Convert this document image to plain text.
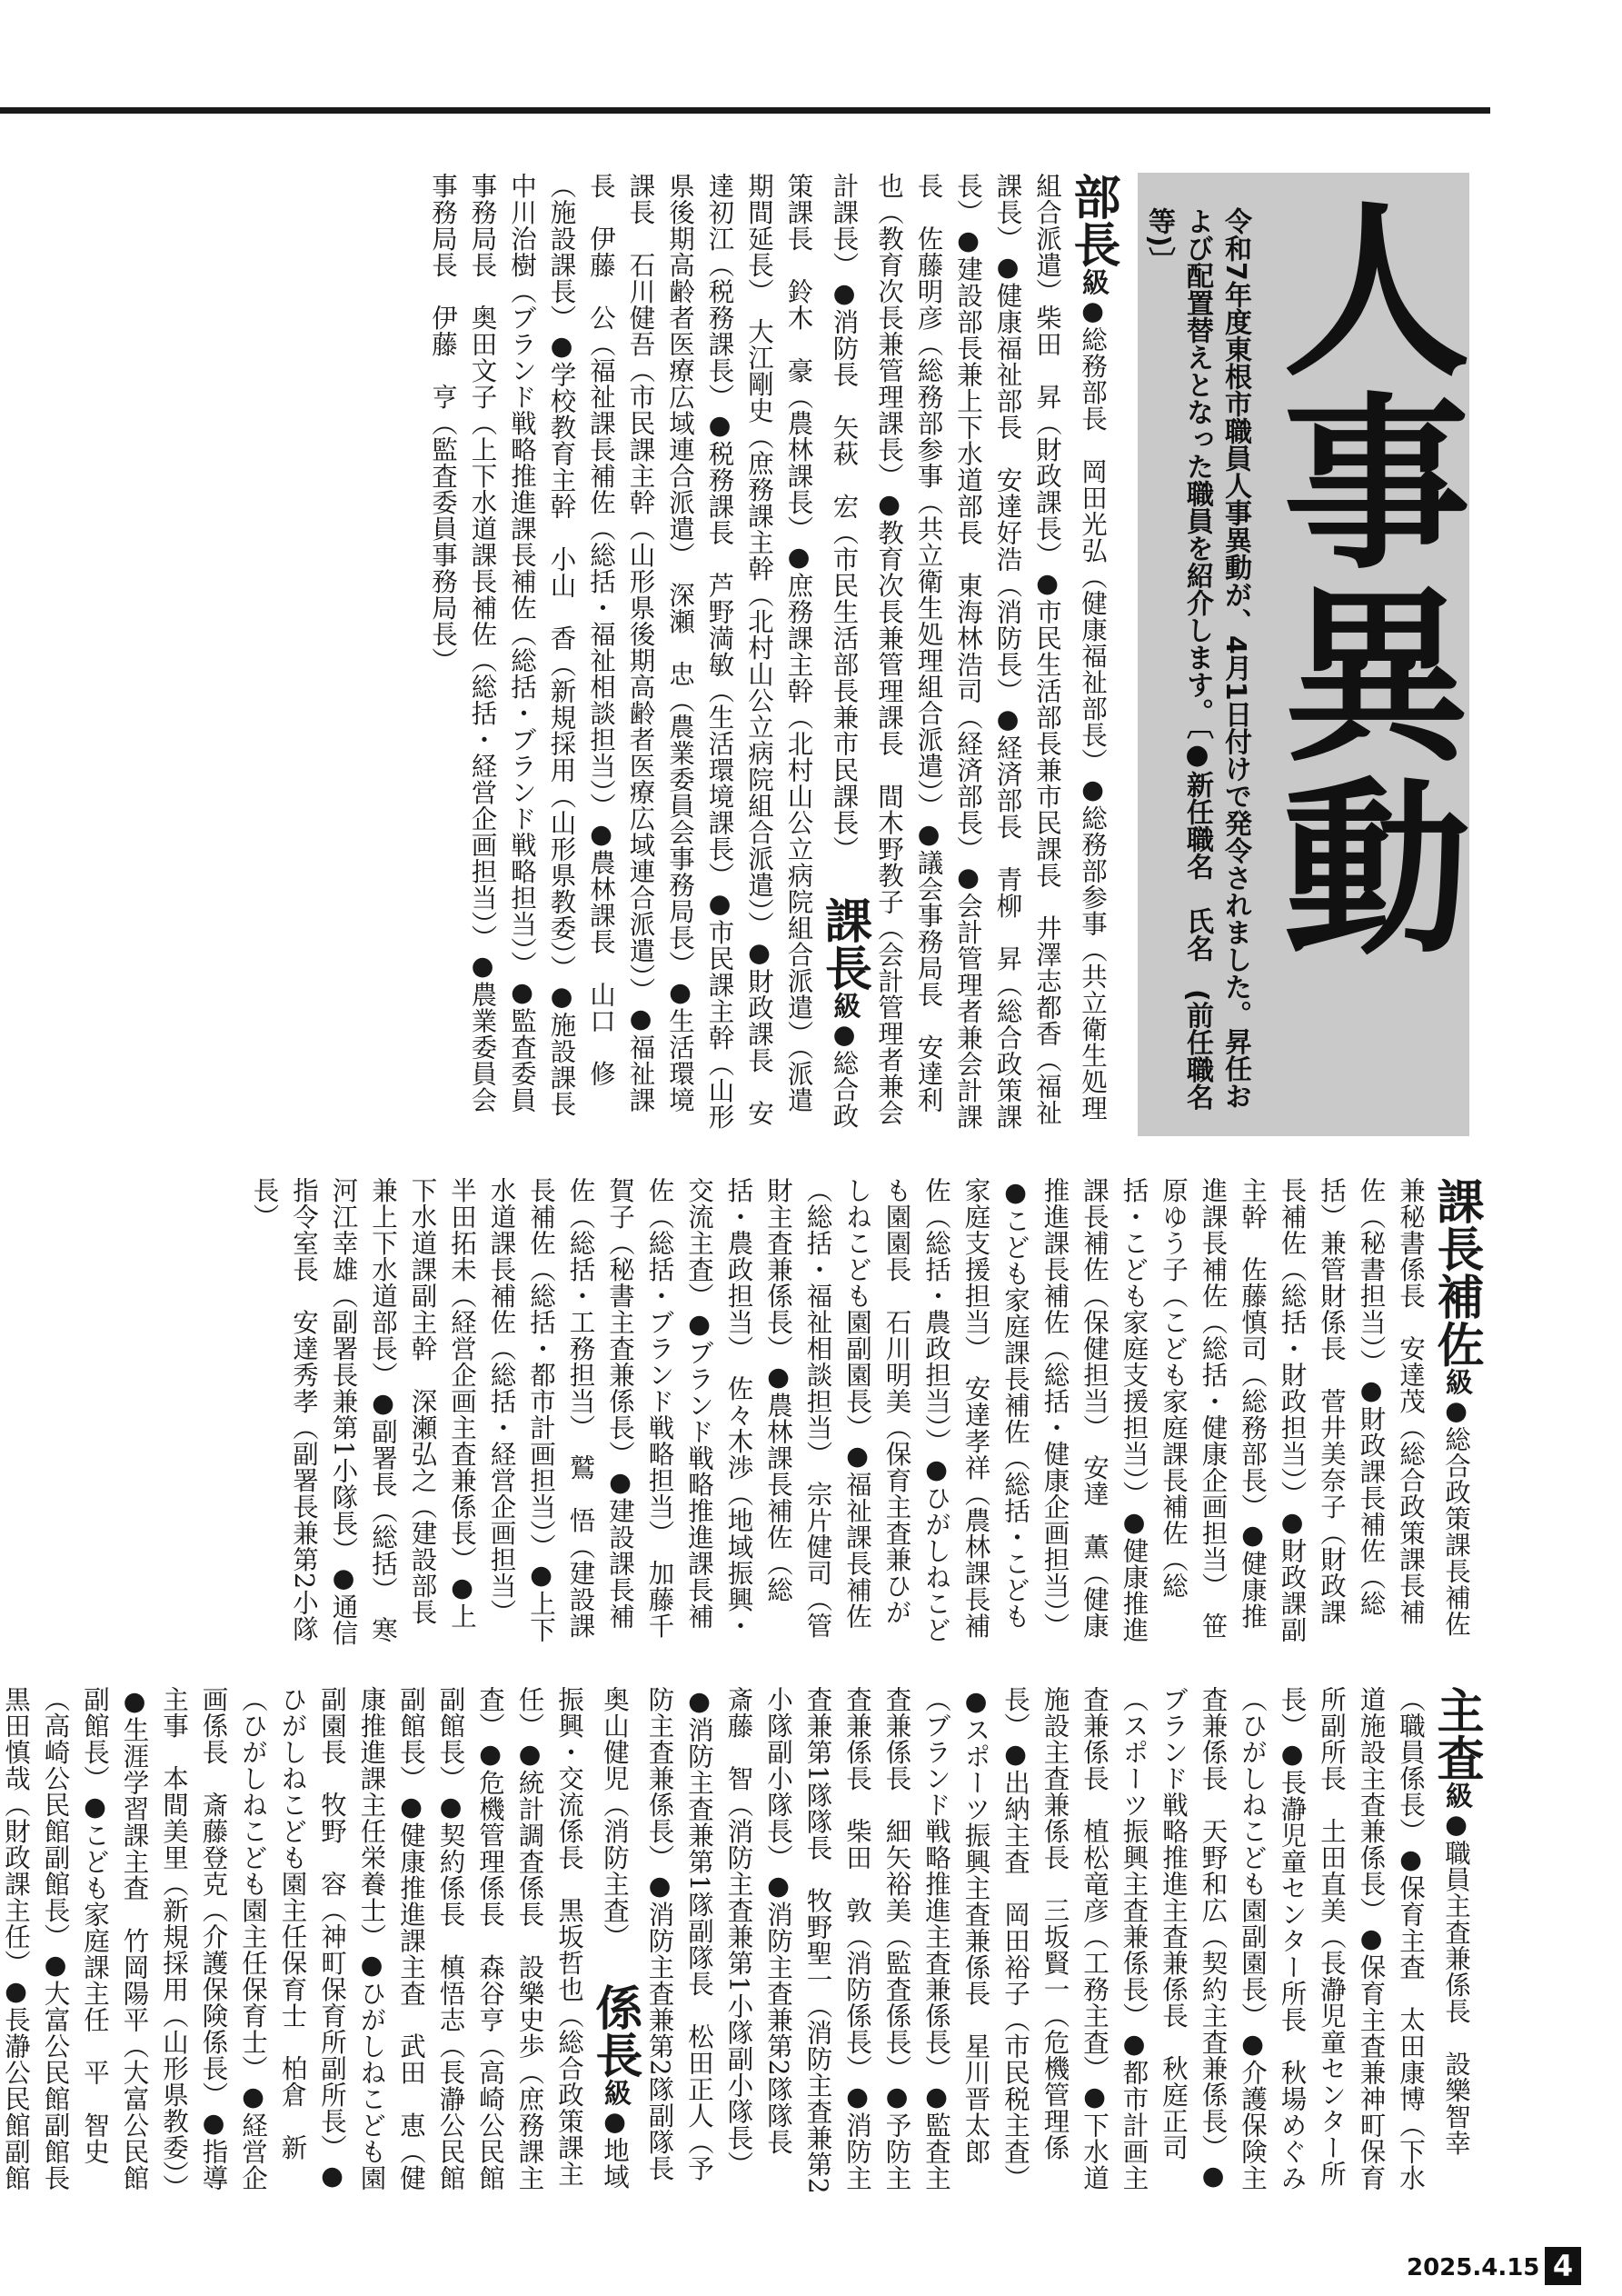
人事異動
令和7年度東根市職員人事異動が、4月1日付けで発令されました。昇任および配置替えとなった職員を紹介します。〔●新任職名　氏名　(前任職名等)〕
部長級●総務部長　岡田光弘（健康福祉部長）●総務部参事（共立衛生処理組合派遣）柴田　昇（財政課長）●市民生活部長兼市民課長　井澤志都香（福祉課長）●健康福祉部長　安達好浩（消防長）●経済部長　青柳　昇（総合政策課長）●建設部長兼上下水道部長　東海林浩司（経済部長）●会計管理者兼会計課長　佐藤明彦（総務部参事（共立衛生処理組合派遣））●議会事務局長　安達利也（教育次長兼管理課長）●教育次長兼管理課長　間木野教子（会計管理者兼会計課長）●消防長　矢萩　宏（市民生活部長兼市民課長）  課長級●総合政策課長　鈴木　豪（農林課長）●庶務課主幹（北村山公立病院組合派遣）（派遣期間延長）　大江剛史（庶務課主幹（北村山公立病院組合派遣））●財政課長　安達初江（税務課長）●税務課長　芦野満敏（生活環境課長）●市民課主幹（山形県後期高齢者医療広域連合派遣）　深瀬　忠（農業委員会事務局長）●生活環境課長　石川健吾（市民課主幹（山形県後期高齢者医療広域連合派遣））●福祉課長　伊藤　公（福祉課長補佐（総括・福祉相談担当））●農林課長　山口　修（施設課長）●学校教育主幹　小山　香（新規採用（山形県教委））●施設課長　中川治樹（ブランド戦略推進課長補佐（総括・ブランド戦略担当））●監査委員事務局長　奥田文子（上下水道課長補佐（総括・経営企画担当））●農業委員会事務局長　伊藤　亨（監査委員事務局長）
課長補佐級●総合政策課長補佐兼秘書係長　安達茂（総合政策課長補佐（秘書担当））●財政課長補佐（総括）兼管財係長　菅井美奈子（財政課長補佐（総括・財政担当））●財政課副主幹　佐藤慎司（総務部長）●健康推進課長補佐（総括・健康企画担当）　笹原ゆう子（こども家庭課長補佐（総括・こども家庭支援担当））●健康推進課長補佐（保健担当）　安達　薫（健康推進課長補佐（総括・健康企画担当））●こども家庭課長補佐（総括・こども家庭支援担当）　安達孝祥（農林課長補佐（総括・農政担当））●ひがしねこども園園長　石川明美（保育主査兼ひがしねこども園副園長）●福祉課長補佐（総括・福祉相談担当）　宗片健司（管財主査兼係長）●農林課長補佐（総括・農政担当）　佐々木渉（地域振興・交流主査）●ブランド戦略推進課長補佐（総括・ブランド戦略担当）　加藤千賀子（秘書主査兼係長）●建設課長補佐（総括・工務担当）　鷲　悟（建設課長補佐（総括・都市計画担当））●上下水道課長補佐（総括・経営企画担当）　半田拓未（経営企画主査兼係長）●上下水道課副主幹　深瀬弘之（建設部長兼上下水道部長）●副署長（総括）　寒河江幸雄（副署長兼第1小隊長）●通信指令室長　安達秀孝（副署長兼第2小隊長）
主査級●職員主査兼係長　設樂智幸（職員係長）●保育主査　太田康博（下水道施設主査兼係長）●保育主査兼神町保育所副所長　土田直美（長瀞児童センター所長）●長瀞児童センター所長　秋場めぐみ（ひがしねこども園副園長）●介護保険主査兼係長　天野和広（契約主査兼係長）●ブランド戦略推進主査兼係長　秋庭正司（スポーツ振興主査兼係長）●都市計画主査兼係長　植松竜彦（工務主査）●下水道施設主査兼係長　三坂賢一（危機管理係長）●出納主査　岡田裕子（市民税主査）●スポーツ振興主査兼係長　星川晋太郎（ブランド戦略推進主査兼係長）●監査主査兼係長　細矢裕美（監査係長）●予防主査兼係長　柴田　敦（消防係長）●消防主査兼第1隊隊長　牧野聖一（消防主査兼第2小隊副小隊長）●消防主査兼第2隊隊長　斎藤　智（消防主査兼第1小隊副小隊長）●消防主査兼第1隊副隊長　松田正人（予防主査兼係長）●消防主査兼第2隊副隊長　奥山健児（消防主査）  係長級●地域振興・交流係長　黒坂哲也（総合政策課主任）●統計調査係長　設樂史歩（庶務課主査）●危機管理係長　森谷亨（高崎公民館副館長）●契約係長　槙悟志（長瀞公民館副館長）●健康推進課主査　武田　恵（健康推進課主任栄養士）●ひがしねこども園副園長　牧野　容（神町保育所副所長）●ひがしねこども園主任保育士　柏倉　新（ひがしねこども園主任保育士）●経営企画係長　斎藤登克（介護保険係長）●指導主事　本間美里（新規採用（山形県教委））●生涯学習課主査　竹岡陽平（大富公民館副館長）●こども家庭課主任　平　智史（高崎公民館副館長）●大富公民館副館長　黒田慎哉（財政課主任）●長瀞公民館副館　　　
2025.4.15 4
